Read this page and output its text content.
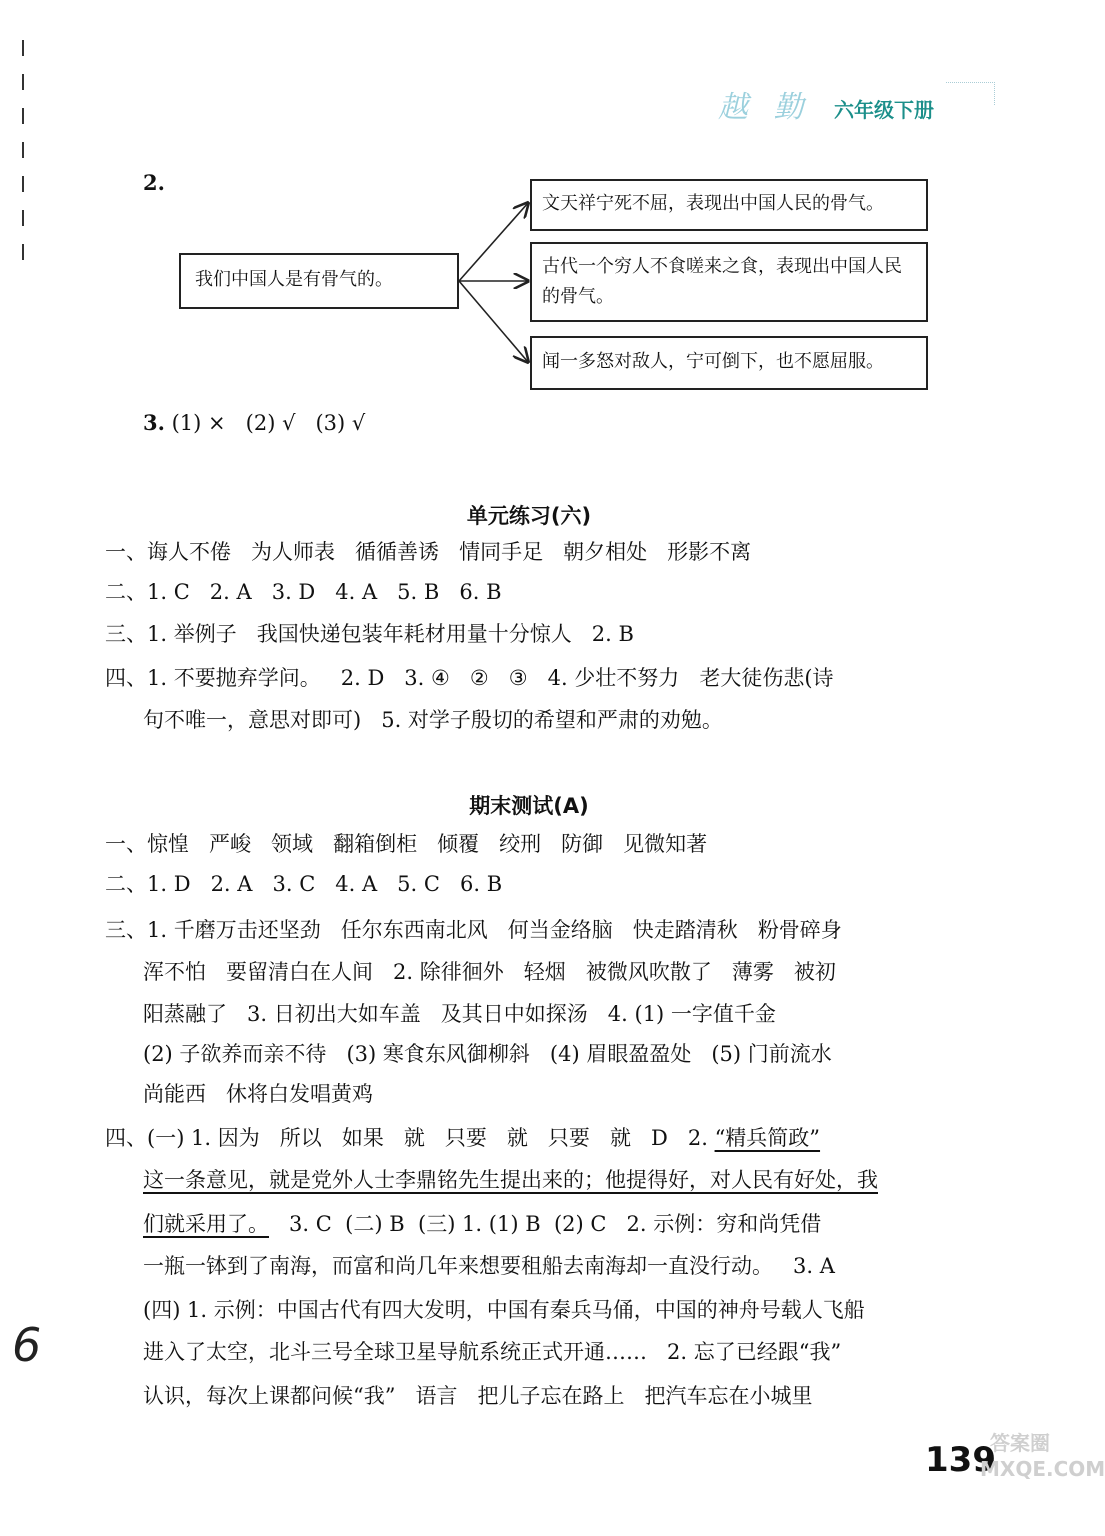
越 勤 六年级下册
2.
我们中国人是有骨气的。
文天祥宁死不屈，表现出中国人民的骨气。
古代一个穷人不食嗟来之食，表现出中国人民的骨气。
闻一多怒对敌人，宁可倒下，也不愿屈服。
3. (1) ×   (2) √   (3) √
单元练习(六)
一、诲人不倦   为人师表   循循善诱   情同手足   朝夕相处   形影不离
二、1. C   2. A   3. D   4. A   5. B   6. B
三、1. 举例子   我国快递包装年耗材用量十分惊人   2. B
四、1. 不要抛弃学问。   2. D   3. ④   ②   ③   4. 少壮不努力   老大徒伤悲(诗
句不唯一，意思对即可)   5. 对学子殷切的希望和严肃的劝勉。
期末测试(A)
一、惊惶   严峻   领域   翻箱倒柜   倾覆   绞刑   防御   见微知著
二、1. D   2. A   3. C   4. A   5. C   6. B
三、1. 千磨万击还坚劲   任尔东西南北风   何当金络脑   快走踏清秋   粉骨碎身
浑不怕   要留清白在人间   2. 除徘徊外   轻烟   被微风吹散了   薄雾   被初
阳蒸融了   3. 日初出大如车盖   及其日中如探汤   4. (1) 一字值千金
(2) 子欲养而亲不待   (3) 寒食东风御柳斜   (4) 眉眼盈盈处   (5) 门前流水
尚能西   休将白发唱黄鸡
四、(一) 1. 因为   所以   如果   就   只要   就   只要   就   D   2. “精兵简政”
这一条意见，就是党外人士李鼎铭先生提出来的；他提得好，对人民有好处，我
们就采用了。   3. C  (二) B  (三) 1. (1) B  (2) C   2. 示例：穷和尚凭借
一瓶一钵到了南海，而富和尚几年来想要租船去南海却一直没行动。   3. A
(四) 1. 示例：中国古代有四大发明，中国有秦兵马俑，中国的神舟号载人飞船
进入了太空，北斗三号全球卫星导航系统正式开通……   2. 忘了已经跟“我”
认识，每次上课都问候“我”   语言   把儿子忘在路上   把汽车忘在小城里
6
139
答案圈 MXQE.COM
